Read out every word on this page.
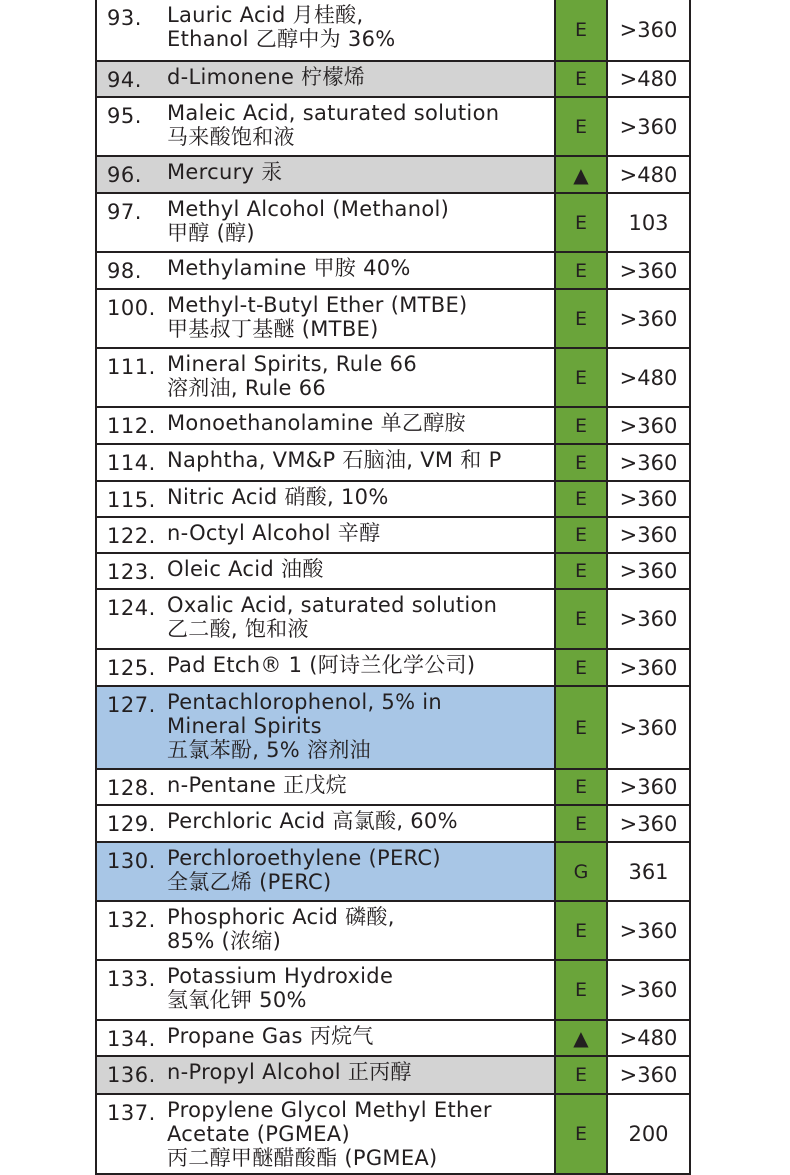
93.	Lauric Acid 月桂酸,
Ethanol 乙醇中为 36%	E >360
94.	d-Limonene 柠檬烯	E >480
95.	Maleic Acid, saturated solution
马来酸饱和液	E >360
96.	Mercury 汞	▲ >480
97.	Methyl Alcohol (Methanol)
甲醇 (醇)	E 103
98.	Methylamine 甲胺 40%	E >360
100. Methyl-t-Butyl Ether (MTBE)
甲基叔丁基醚 (MTBE)	E >360
111. Mineral Spirits, Rule 66
溶剂油, Rule 66	E >480
112. Monoethanolamine 单乙醇胺	E >360
114. Naphtha, VM&P 石脑油, VM 和 P	E >360
115. Nitric Acid 硝酸, 10%	E >360
122. n-Octyl Alcohol 辛醇	E >360
123. Oleic Acid 油酸	E >360
124. Oxalic Acid, saturated solution
乙二酸, 饱和液	E >360
125. Pad Etch® 1 (阿诗兰化学公司)	E >360
127. Pentachlorophenol, 5% in
Mineral Spirits
五氯苯酚, 5% 溶剂油
E >360
128. n-Pentane 正戊烷	E >360
129. Perchloric Acid 高氯酸, 60%	E >360
130. Perchloroethylene (PERC)
全氯乙烯 (PERC)	G 361
132. Phosphoric Acid 磷酸,
85% (浓缩)	E >360
133. Potassium Hydroxide
氢氧化钾 50%	E >360
134. Propane Gas 丙烷气	▲ >480
136. n-Propyl Alcohol 正丙醇	E >360
137. Propylene Glycol Methyl Ether
Acetate (PGMEA)
丙二醇甲醚醋酸酯 (PGMEA)
E 200
